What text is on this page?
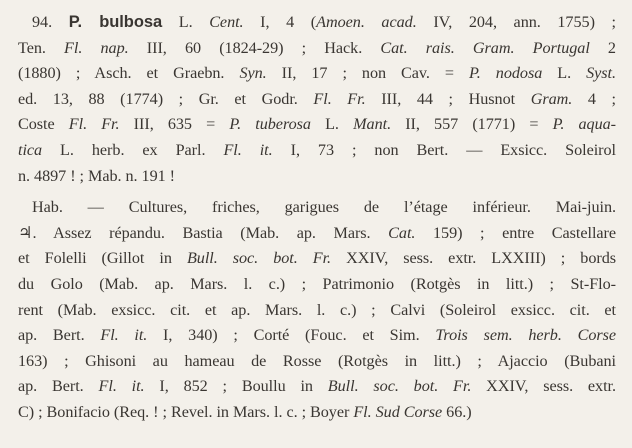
94. P. bulbosa L. Cent. I, 4 (Amoen. acad. IV, 204, ann. 1755) ;
Ten. Fl. nap. III, 60 (1824-29) ; Hack. Cat. rais. Gram. Portugal 2
(1880) ; Asch. et Graebn. Syn. II, 17 ; non Cav. = P. nodosa L. Syst.
ed. 13, 88 (1774) ; Gr. et Godr. Fl. Fr. III, 44 ; Husnot Gram. 4 ;
Coste Fl. Fr. III, 635 = P. tuberosa L. Mant. II, 557 (1771) = P. aqua-
tica L. herb. ex Parl. Fl. it. I, 73 ; non Bert. — Exsicc. Soleirol
n. 4897 ! ; Mab. n. 191 !
Hab. — Cultures, friches, garigues de l’étage inférieur. Mai-juin.
♃. Assez répandu. Bastia (Mab. ap. Mars. Cat. 159) ; entre Castellare
et Folelli (Gillot in Bull. soc. bot. Fr. XXIV, sess. extr. LXXIII) ; bords
du Golo (Mab. ap. Mars. l. c.) ; Patrimonio (Rotgès in litt.) ; St-Flo-
rent (Mab. exsicc. cit. et ap. Mars. l. c.) ; Calvi (Soleirol exsicc. cit. et
ap. Bert. Fl. it. I, 340) ; Corté (Fouc. et Sim. Trois sem. herb. Corse
163) ; Ghisoni au hameau de Rosse (Rotgès in litt.) ; Ajaccio (Bubani
ap. Bert. Fl. it. I, 852 ; Boullu in Bull. soc. bot. Fr. XXIV, sess. extr.
C) ; Bonifacio (Req. ! ; Revel. in Mars. l. c. ; Boyer Fl. Sud Corse 66.)
